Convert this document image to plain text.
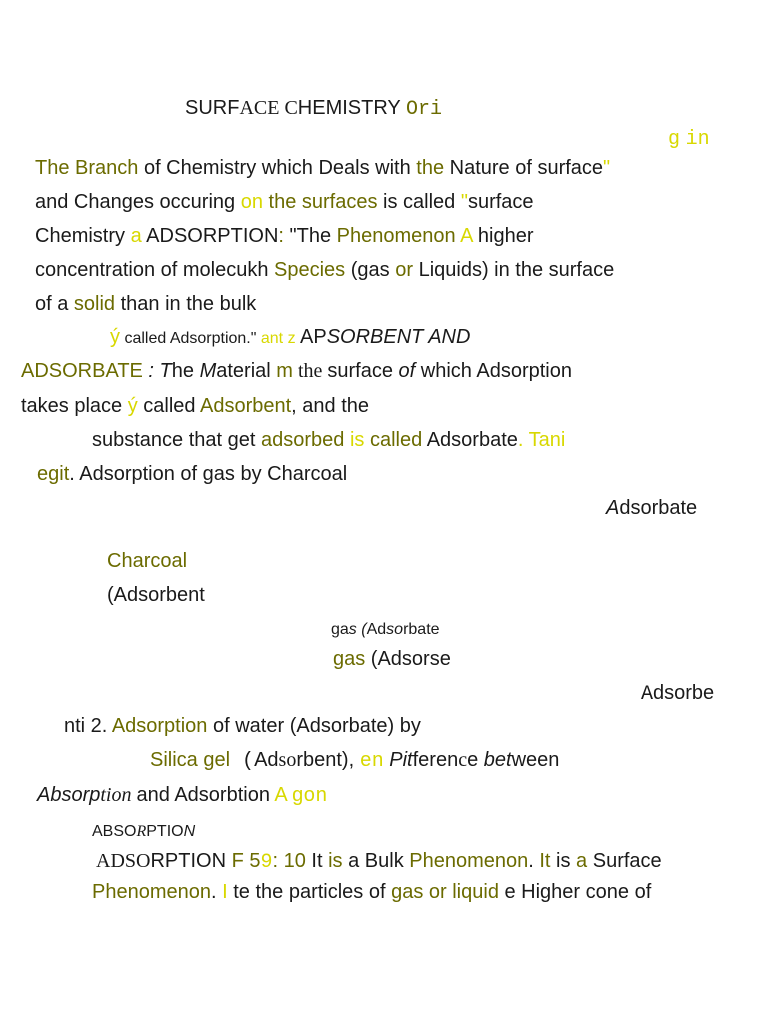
SURFACE CHEMISTRY Ori
g in
The Branch of Chemistry which Deals with the Nature of surface"
and Changes occuring on the surfaces is called "surface
Chemistry a ADSORPTION: "The Phenomenon A higher
concentration of molecukh Species (gas or Liquids) in the surface
of a solid than in the bulk
ý called Adsorption." ant z APSORBENT AND
ADSORBATE : The Material m the surface of which Adsorption
takes place ý called Adsorbent, and the
substance that get adsorbed is called Adsorbate. Tani
egit. Adsorption of gas by Charcoal
Adsorbate
Charcoal
(Adsorbent
gas (Adsorbate
gas (Adsorse
Adsorbe
nti 2. Adsorption of water (Adsorbate) by
Silica gel (Adsorbent), en Pitference between
Absorption and Adsorbtion A gon
ABSORPTION
ADSORPTION F 59: 10 It is a Bulk Phenomenon. It is a Surface
Phenomenon. I te the particles of gas or liquid e Higher cone of
